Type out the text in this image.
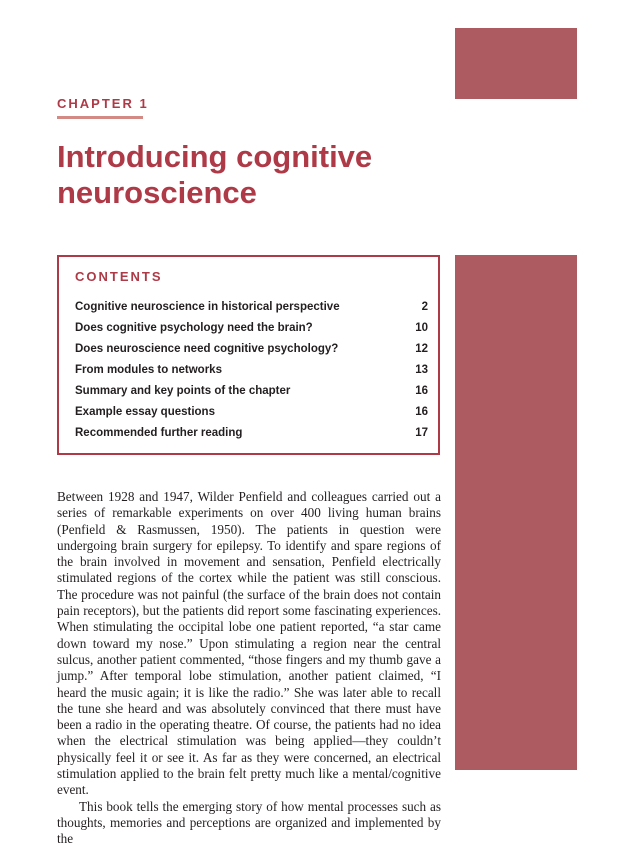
CHAPTER 1
Introducing cognitive neuroscience
CONTENTS
Cognitive neuroscience in historical perspective	2
Does cognitive psychology need the brain?	10
Does neuroscience need cognitive psychology?	12
From modules to networks	13
Summary and key points of the chapter	16
Example essay questions	16
Recommended further reading	17

Between 1928 and 1947, Wilder Penfield and colleagues carried out a series of remarkable experiments on over 400 living human brains (Penfield & Rasmussen, 1950). The patients in question were undergoing brain surgery for epilepsy. To identify and spare regions of the brain involved in movement and sensation, Penfield electrically stimulated regions of the cortex while the patient was still conscious. The procedure was not painful (the surface of the brain does not contain pain receptors), but the patients did report some fascinating experiences. When stimulating the occipital lobe one patient reported, “a star came down toward my nose.” Upon stimulating a region near the central sulcus, another patient commented, “those fingers and my thumb gave a jump.” After temporal lobe stimulation, another patient claimed, “I heard the music again; it is like the radio.” She was later able to recall the tune she heard and was absolutely convinced that there must have been a radio in the operating theatre. Of course, the patients had no idea when the electrical stimulation was being applied—they couldn’t physically feel it or see it. As far as they were concerned, an electrical stimulation applied to the brain felt pretty much like a mental/cognitive event.

This book tells the emerging story of how mental processes such as thoughts, memories and perceptions are organized and implemented by the
